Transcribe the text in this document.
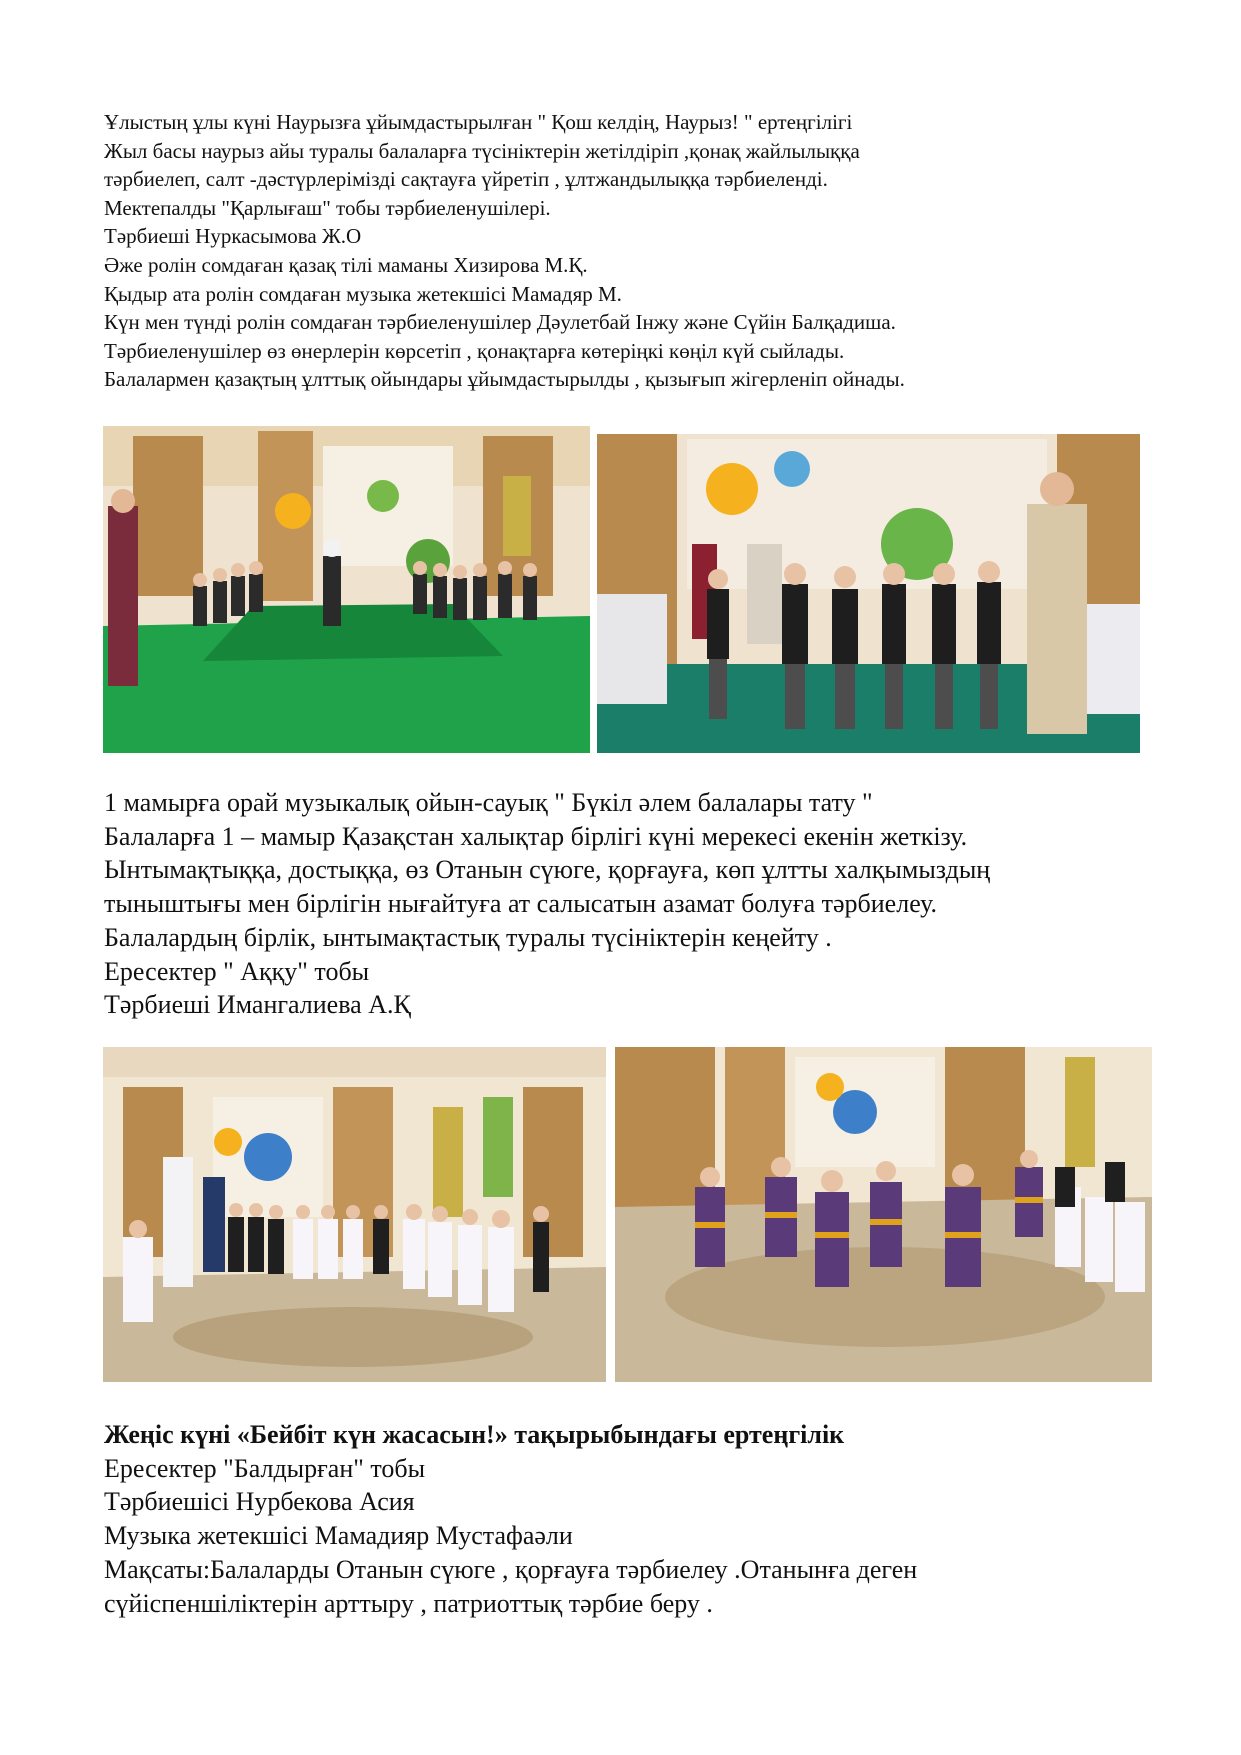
Ұлыстың ұлы күні Наурызға ұйымдастырылған " Қош келдің, Наурыз! " ертеңгілігі
Жыл басы наурыз айы туралы балаларға түсініктерін жетілдіріп ,қонақ жайлылыққа
тәрбиелеп, салт -дәстүрлерімізді сақтауға үйретіп , ұлтжандылыққа тәрбиеленді.
Мектепалды "Қарлығаш" тобы тәрбиеленушілері.
Тәрбиеші Нуркасымова Ж.О
Әже ролін сомдаған қазақ тілі маманы Хизирова М.Қ.
Қыдыр ата ролін сомдаған музыка жетекшісі Мамадяр М.
Күн мен түнді ролін сомдаған тәрбиеленушілер Дәулетбай Інжу және Сүйін Балқадиша.
Тәрбиеленушілер өз өнерлерін көрсетіп , қонақтарға көтеріңкі көңіл күй сыйлады.
Балалармен қазақтың ұлттық ойындары ұйымдастырылды , қызығып жігерленіп ойнады.
1 мамырға орай музыкалық ойын-сауық " Бүкіл әлем балалары тату "
Балаларға 1 – мамыр Қазақстан халықтар бірлігі күні мерекесі екенін жеткізу.
Ынтымақтыққа, достыққа, өз Отанын сүюге, қорғауға, көп ұлтты халқымыздың
тыныштығы мен бірлігін нығайтуға ат салысатын азамат болуға тәрбиелеу.
Балалардың бірлік, ынтымақтастық туралы түсініктерін кеңейту .
Ересектер " Аққу" тобы
Тәрбиеші Имангалиева А.Қ
Жеңіс күні «Бейбіт күн жасасын!» тақырыбындағы ертеңгілік
Ересектер "Балдырған" тобы
Тәрбиешісі Нурбекова Асия
Музыка жетекшісі Мамадияр Мустафаәли
Мақсаты:Балаларды Отанын сүюге , қорғауға тәрбиелеу .Отанынға деген
сүйіспеншіліктерін арттыру , патриоттық тәрбие беру .
